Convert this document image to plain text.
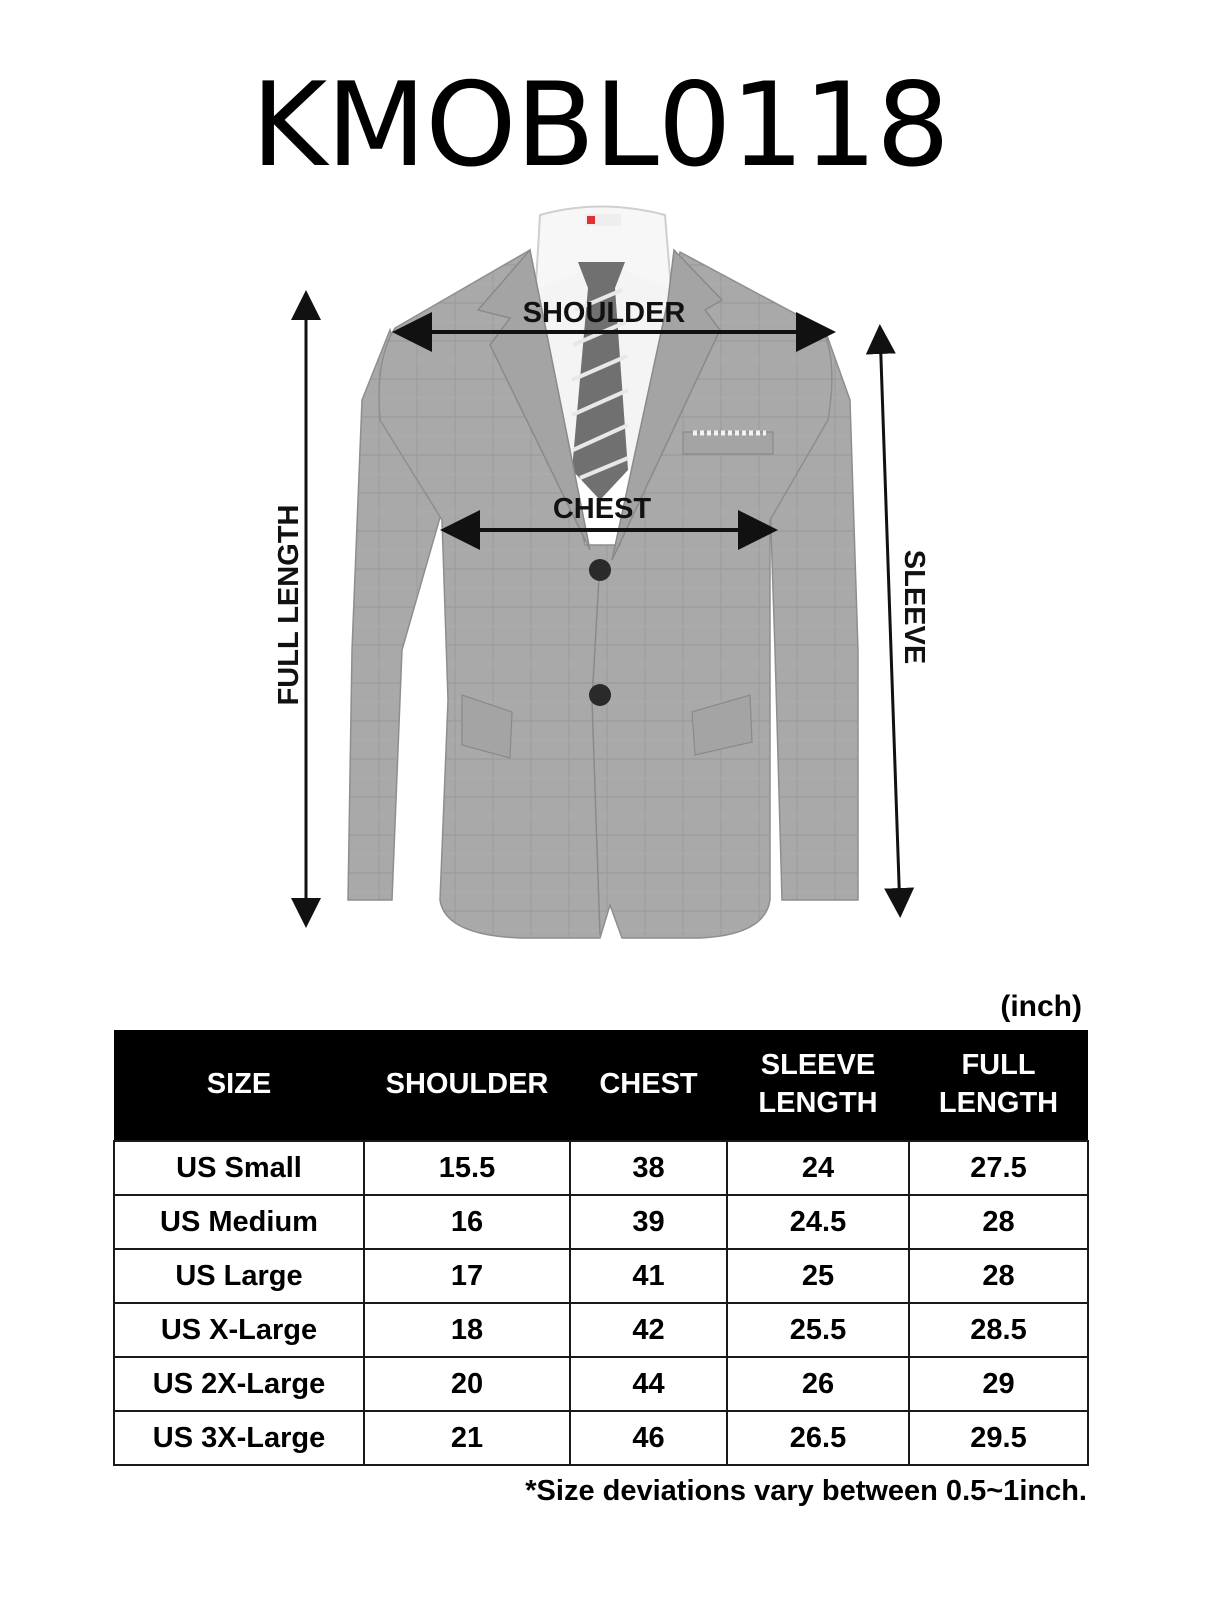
KMOBL0118
SHOULDER
CHEST
FULL LENGTH	SLEEVE
(inch)
SIZE	SHOULDER	CHEST	SLEEVE LENGTH	FULL LENGTH
US Small	15.5	38	24	27.5
US Medium	16	39	24.5	28
US Large	17	41	25	28
US X-Large	18	42	25.5	28.5
US 2X-Large	20	44	26	29
US 3X-Large	21	46	26.5	29.5
*Size deviations vary between 0.5~1inch.
